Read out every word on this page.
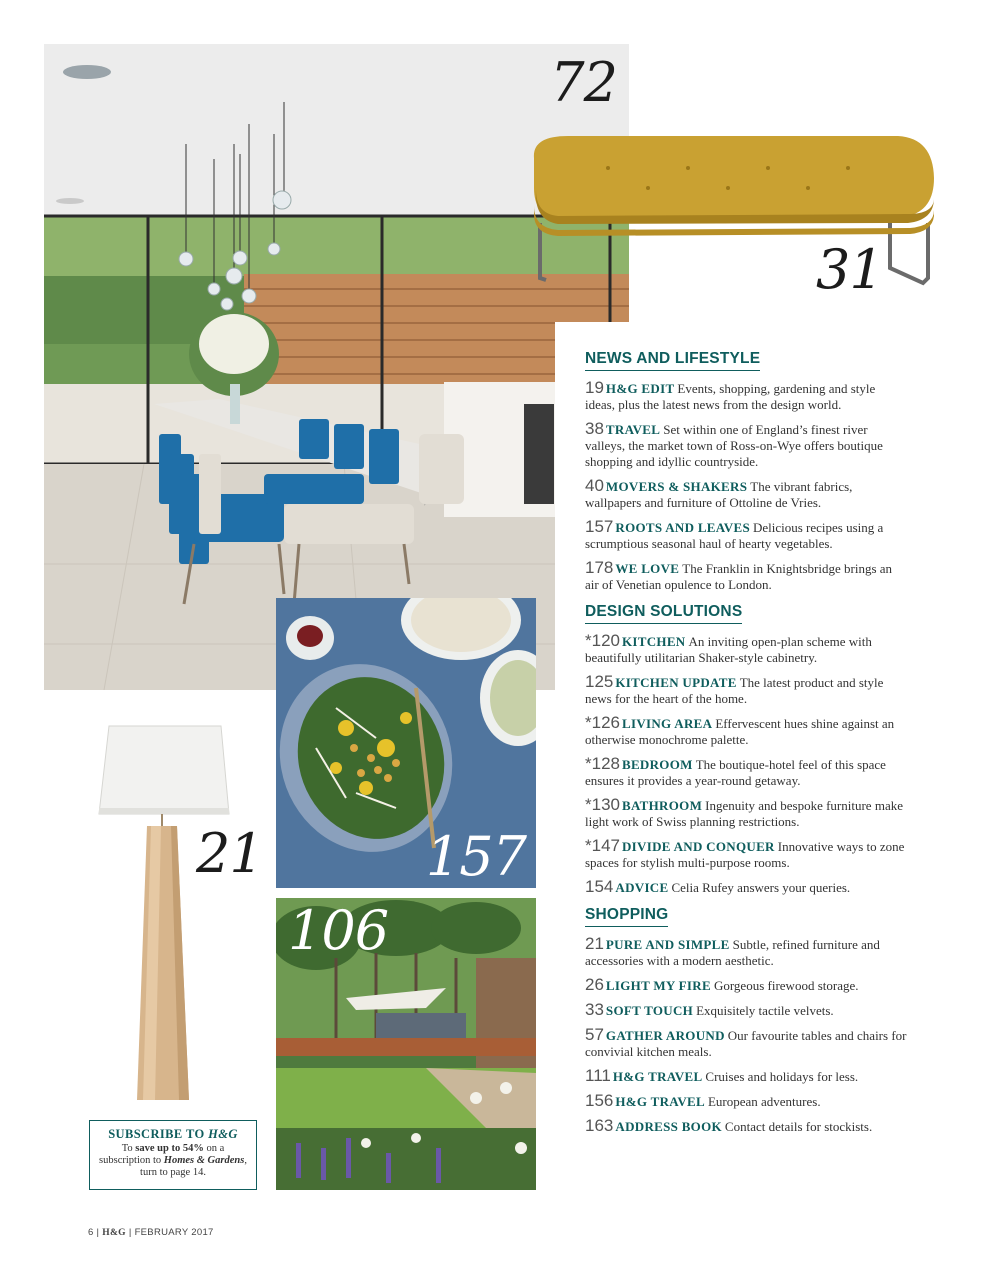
72
31
NEWS AND LIFESTYLE
19 H&G EDIT Events, shopping, gardening and style ideas, plus the latest news from the design world.
38 TRAVEL Set within one of England’s finest river valleys, the market town of Ross-on-Wye offers boutique shopping and idyllic countryside.
40 MOVERS & SHAKERS The vibrant fabrics, wallpapers and furniture of Ottoline de Vries.
157 ROOTS AND LEAVES Delicious recipes using a scrumptious seasonal haul of hearty vegetables.
178 WE LOVE The Franklin in Knightsbridge brings an air of Venetian opulence to London.
DESIGN SOLUTIONS
*120 KITCHEN An inviting open-plan scheme with beautifully utilitarian Shaker-style cabinetry.
125 KITCHEN UPDATE The latest product and style news for the heart of the home.
*126 LIVING AREA Effervescent hues shine against an otherwise monochrome palette.
*128 BEDROOM The boutique-hotel feel of this space ensures it provides a year-round getaway.
*130 BATHROOM Ingenuity and bespoke furniture make light work of Swiss planning restrictions.
*147 DIVIDE AND CONQUER Innovative ways to zone spaces for stylish multi-purpose rooms.
154 ADVICE Celia Rufey answers your queries.
SHOPPING
21 PURE AND SIMPLE Subtle, refined furniture and accessories with a modern aesthetic.
26 LIGHT MY FIRE Gorgeous firewood storage.
33 SOFT TOUCH Exquisitely tactile velvets.
57 GATHER AROUND Our favourite tables and chairs for convivial kitchen meals.
111 H&G TRAVEL Cruises and holidays for less.
156 H&G TRAVEL European adventures.
163 ADDRESS BOOK Contact details for stockists.
21	157
106
SUBSCRIBE TO H&G
To save up to 54% on a subscription to Homes & Gardens, turn to page 14.
6 | H&G | FEBRUARY 2017
